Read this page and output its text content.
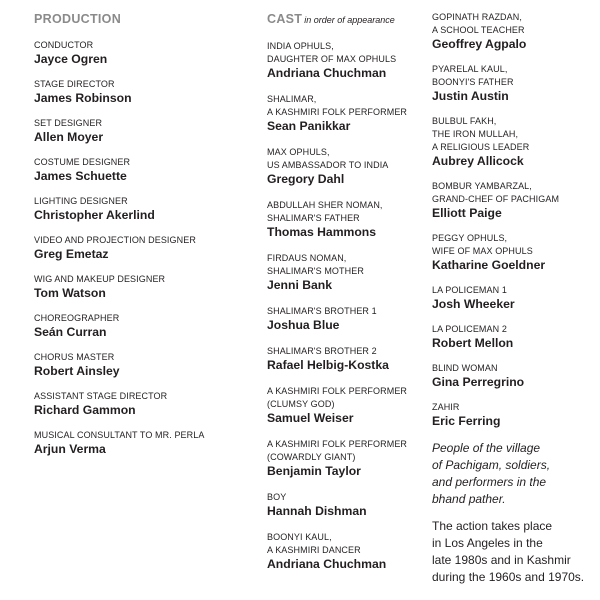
PRODUCTION
CONDUCTOR
Jayce Ogren
STAGE DIRECTOR
James Robinson
SET DESIGNER
Allen Moyer
COSTUME DESIGNER
James Schuette
LIGHTING DESIGNER
Christopher Akerlind
VIDEO AND PROJECTION DESIGNER
Greg Emetaz
WIG AND MAKEUP DESIGNER
Tom Watson
CHOREOGRAPHER
Seán Curran
CHORUS MASTER
Robert Ainsley
ASSISTANT STAGE DIRECTOR
Richard Gammon
MUSICAL CONSULTANT TO MR. PERLA
Arjun Verma
CAST in order of appearance
INDIA OPHULS,
DAUGHTER OF MAX OPHULS
Andriana Chuchman
SHALIMAR,
A KASHMIRI FOLK PERFORMER
Sean Panikkar
MAX OPHULS,
US AMBASSADOR TO INDIA
Gregory Dahl
ABDULLAH SHER NOMAN,
SHALIMAR'S FATHER
Thomas Hammons
FIRDAUS NOMAN,
SHALIMAR'S MOTHER
Jenni Bank
SHALIMAR'S BROTHER 1
Joshua Blue
SHALIMAR'S BROTHER 2
Rafael Helbig-Kostka
A KASHMIRI FOLK PERFORMER
(CLUMSY GOD)
Samuel Weiser
A KASHMIRI FOLK PERFORMER
(COWARDLY GIANT)
Benjamin Taylor
BOY
Hannah Dishman
BOONYI KAUL,
A KASHMIRI DANCER
Andriana Chuchman
GOPINATH RAZDAN,
A SCHOOL TEACHER
Geoffrey Agpalo
PYARELAL KAUL,
BOONYI'S FATHER
Justin Austin
BULBUL FAKH,
THE IRON MULLAH,
A RELIGIOUS LEADER
Aubrey Allicock
BOMBUR YAMBARZAL,
GRAND-CHEF OF PACHIGAM
Elliott Paige
PEGGY OPHULS,
WIFE OF MAX OPHULS
Katharine Goeldner
LA POLICEMAN 1
Josh Wheeker
LA POLICEMAN 2
Robert Mellon
BLIND WOMAN
Gina Perregrino
ZAHIR
Eric Ferring
People of the village
of Pachigam, soldiers,
and performers in the
bhand pather.
The action takes place
in Los Angeles in the
late 1980s and in Kashmir
during the 1960s and 1970s.
